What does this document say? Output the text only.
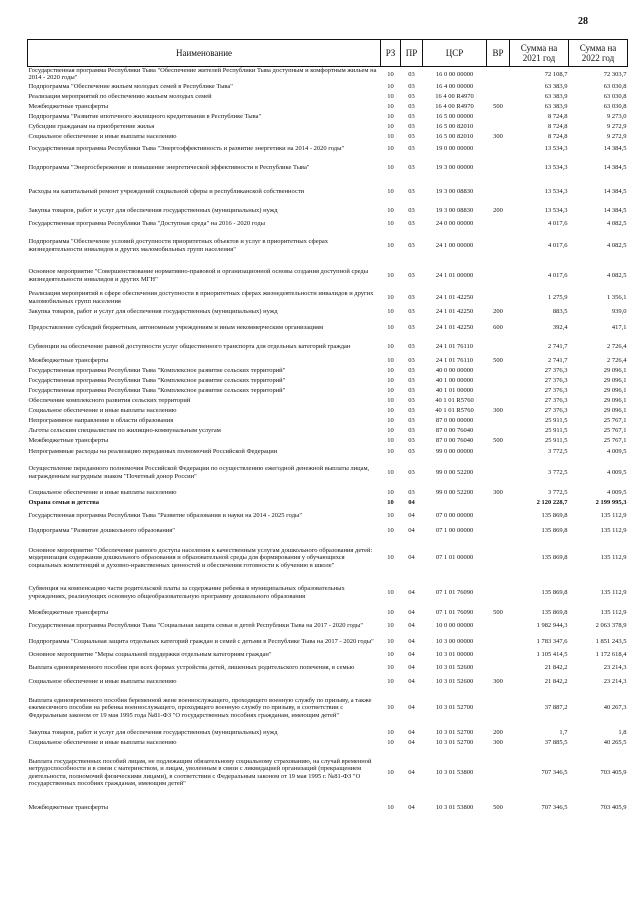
28
Наименование	РЗ	ПР	ЦСР	ВР	Сумма на 2021 год	Сумма на 2022 год
Государственная программа Республики Тыва "Обеспечение жителей Республики Тыва доступным и комфортным жильем на 2014 - 2020 годы"	10	03	16 0 00 00000		72 108,7	72 303,7
Подпрограмма "Обеспечение жильем молодых семей в Республике Тыва"	10	03	16 4 00 00000		63 383,9	63 030,8
Реализация мероприятий по обеспечению жильем молодых семей	10	03	16 4 00 R4970		63 383,9	63 030,8
Межбюджетные трансферты	10	03	16 4 00 R4970	500	63 383,9	63 030,8
Подпрограмма "Развитие ипотечного жилищного кредитования в Республике Тыва"	10	03	16 5 00 00000		8 724,8	9 273,0
Субсидии гражданам на приобретение жилья	10	03	16 5 00 82010		8 724,8	9 272,9
Социальное обеспечение и иные выплаты населению	10	03	16 5 00 82010	300	8 724,8	9 272,9
Государственная программа Республики Тыва "Энергоэффективность и развитие энергетики на 2014 - 2020 годы"	10	03	19 0 00 00000		13 534,3	14 384,5
Подпрограмма "Энергосбережение и повышение энергетической эффективности в Республике Тыва"	10	03	19 3 00 00000		13 534,3	14 384,5
Расходы на капитальный ремонт учреждений социальной сферы и республиканской собственности	10	03	19 3 00 08830		13 534,3	14 384,5
Закупка товаров, работ и услуг для обеспечения государственных (муниципальных) нужд	10	03	19 3 00 08830	200	13 534,3	14 384,5
Государственная программа Республики Тыва "Доступная среда" на 2016 - 2020 годы	10	03	24 0 00 00000		4 017,6	4 082,5
Подпрограмма "Обеспечение условий доступности приоритетных объектов и услуг в приоритетных сферах жизнедеятельности инвалидов и других маломобильных групп населения"	10	03	24 1 00 00000		4 017,6	4 082,5
Основное мероприятие "Совершенствование нормативно-правовой и организационной основы создания доступной среды жизнедеятельности инвалидов и других МГН"	10	03	24 1 01 00000		4 017,6	4 082,5
Реализация мероприятий в сфере обеспечения доступности в приоритетных сферах жизнедеятельности инвалидов и других маломобильных групп населения	10	03	24 1 01 42250		1 275,9	1 356,1
Закупка товаров, работ и услуг для обеспечения государственных (муниципальных) нужд	10	03	24 1 01 42250	200	883,5	939,0
Предоставление субсидий бюджетным, автономным учреждениям и иным некоммерческим организациям	10	03	24 1 01 42250	600	392,4	417,1
Субвенции на обеспечение равной доступности услуг общественного транспорта для отдельных категорий граждан	10	03	24 1 01 76110		2 741,7	2 726,4
Межбюджетные трансферты	10	03	24 1 01 76110	500	2 741,7	2 726,4
Государственная программа Республики Тыва "Комплексное развитие сельских территорий"	10	03	40 0 00 00000		27 376,3	29 096,1
Государственная программа Республики Тыва "Комплексное развитие сельских территорий"	10	03	40 1 00 00000		27 376,3	29 096,1
Государственная программа Республики Тыва "Комплексное развитие сельских территорий"	10	03	40 1 01 00000		27 376,3	29 096,1
Обеспечение комплексного развития сельских территорий	10	03	40 1 01 R5760		27 376,3	29 096,1
Социальное обеспечение и иные выплаты населению	10	03	40 1 01 R5760	300	27 376,3	29 096,1
Непрограммное направление в области образования	10	03	87 0 00 00000		25 911,5	25 767,1
Льготы сельским специалистам по жилищно-коммунальным услугам	10	03	87 0 00 76040		25 911,5	25 767,1
Межбюджетные трансферты	10	03	87 0 00 76040	500	25 911,5	25 767,1
Непрограммные расходы на реализацию переданных полномочий Российской Федерации	10	03	99 0 00 00000		3 772,5	4 009,5
Осуществление переданного полномочия Российской Федерации по осуществлению ежегодной денежной выплаты лицам, награжденным нагрудным знаком "Почетный донор России"	10	03	99 0 00 52200		3 772,5	4 009,5
Социальное обеспечение и иные выплаты населению	10	03	99 0 00 52200	300	3 772,5	4 009,5
Охрана семьи и детства	10	04			2 120 228,7	2 199 995,3
Государственная программа Республики Тыва "Развитие образования и науки на 2014 - 2025 годы"	10	04	07 0 00 00000		135 869,8	135 112,9
Подпрограмма "Развитие дошкольного образования"	10	04	07 1 00 00000		135 869,8	135 112,9
Основное мероприятие "Обеспечение равного доступа населения к качественным услугам дошкольного образования детей: модернизация содержания дошкольного образования и образовательной среды для формирования у обучающихся социальных компетенций и духовно-нравственных ценностей и обеспечения готовности к обучению в школе"	10	04	07 1 01 00000		135 869,8	135 112,9
Субвенция на компенсацию части родительской платы за содержание ребенка в муниципальных образовательных учреждениях, реализующих основную общеобразовательную программу дошкольного образования	10	04	07 1 01 76090		135 869,8	135 112,9
Межбюджетные трансферты	10	04	07 1 01 76090	500	135 869,8	135 112,9
Государственная программа Республики Тыва "Социальная защита семьи и детей Республики Тыва на 2017 - 2020 годы"	10	04	10 0 00 00000		1 982 944,3	2 063 378,9
Подпрограмма "Социальная защита отдельных категорий граждан и семей с детьми в Республике Тыва на 2017 - 2020 годы"	10	04	10 3 00 00000		1 783 347,6	1 851 243,5
Основное мероприятие "Меры социальной поддержки отдельным категориям граждан"	10	04	10 3 01 00000		1 105 414,5	1 172 618,4
Выплата единовременного пособия при всех формах устройства детей, лишенных родительского попечения, в семью	10	04	10 3 01 52600		21 842,2	23 214,3
Социальное обеспечение и иные выплаты населению	10	04	10 3 01 52600	300	21 842,2	23 214,3
Выплата единовременного пособия беременной жене военнослужащего, проходящего военную службу по призыву, а также ежемесячного пособия на ребенка военнослужащего, проходящего военную службу по призыву, в соответствии с Федеральным законом от 19 мая 1995 года №81-ФЗ "О государственных пособиях гражданам, имеющим детей"	10	04	10 3 01 52700		37 887,2	40 267,3
Закупка товаров, работ и услуг для обеспечения государственных (муниципальных) нужд	10	04	10 3 01 52700	200	1,7	1,8
Социальное обеспечение и иные выплаты населению	10	04	10 3 01 52700	300	37 885,5	40 265,5
Выплата государственных пособий лицам, не подлежащим обязательному социальному страхованию, на случай временной нетрудоспособности и в связи с материнством, и лицам, уволенным в связи с ликвидацией организаций (прекращением деятельности, полномочий физическими лицами), в соответствии с Федеральным законом от 19 мая 1995 г. №81-ФЗ "О государственных пособиях гражданам, имеющим детей"	10	04	10 3 01 53800		707 346,5	703 405,9
Межбюджетные трансферты	10	04	10 3 01 53800	500	707 346,5	703 405,9
